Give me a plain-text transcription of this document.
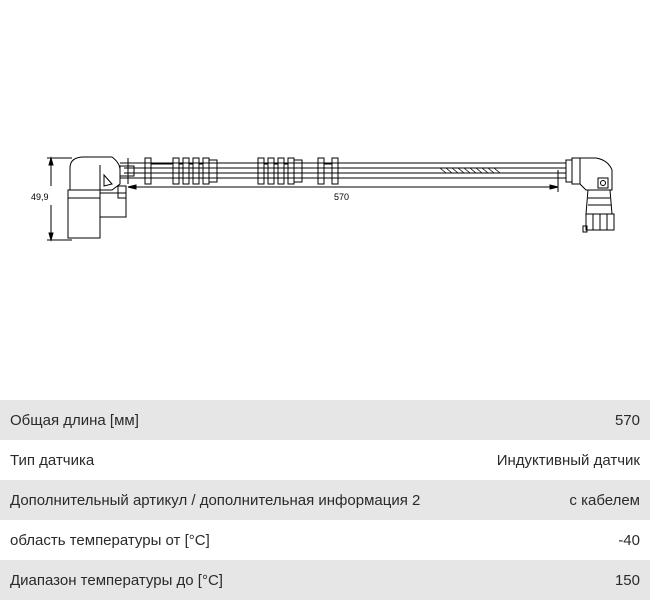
49,9	570
Общая длина [мм]	570
Тип датчика	Индуктивный датчик
Дополнительный артикул / дополнительная информация 2	с кабелем
область температуры от [°C]	-40
Диапазон температуры до [°C]	150
